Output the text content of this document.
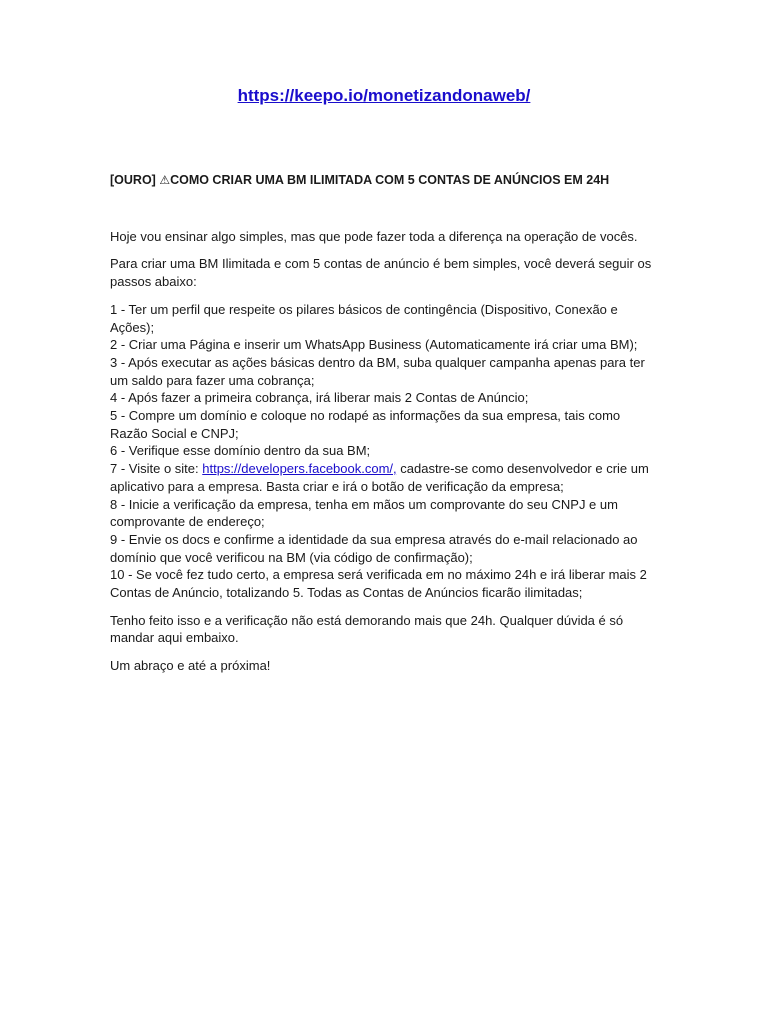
https://keepo.io/monetizandonaweb/

[OURO] ⚠COMO CRIAR UMA BM ILIMITADA COM 5 CONTAS DE ANÚNCIOS EM 24H

Hoje vou ensinar algo simples, mas que pode fazer toda a diferença na operação de vocês.

Para criar uma BM Ilimitada e com 5 contas de anúncio é bem simples, você deverá seguir os passos abaixo:

1 - Ter um perfil que respeite os pilares básicos de contingência (Dispositivo, Conexão e Ações);
2 - Criar uma Página e inserir um WhatsApp Business (Automaticamente irá criar uma BM);
3 - Após executar as ações básicas dentro da BM, suba qualquer campanha apenas para ter um saldo para fazer uma cobrança;
4 - Após fazer a primeira cobrança, irá liberar mais 2 Contas de Anúncio;
5 - Compre um domínio e coloque no rodapé as informações da sua empresa, tais como Razão Social e CNPJ;
6 - Verifique esse domínio dentro da sua BM;
7 - Visite o site: https://developers.facebook.com/, cadastre-se como desenvolvedor e crie um aplicativo para a empresa. Basta criar e irá o botão de verificação da empresa;
8 - Inicie a verificação da empresa, tenha em mãos um comprovante do seu CNPJ e um comprovante de endereço;
9 - Envie os docs e confirme a identidade da sua empresa através do e-mail relacionado ao domínio que você verificou na BM (via código de confirmação);
10 - Se você fez tudo certo, a empresa será verificada em no máximo 24h e irá liberar mais 2 Contas de Anúncio, totalizando 5. Todas as Contas de Anúncios ficarão ilimitadas;

Tenho feito isso e a verificação não está demorando mais que 24h. Qualquer dúvida é só mandar aqui embaixo.

Um abraço e até a próxima!
